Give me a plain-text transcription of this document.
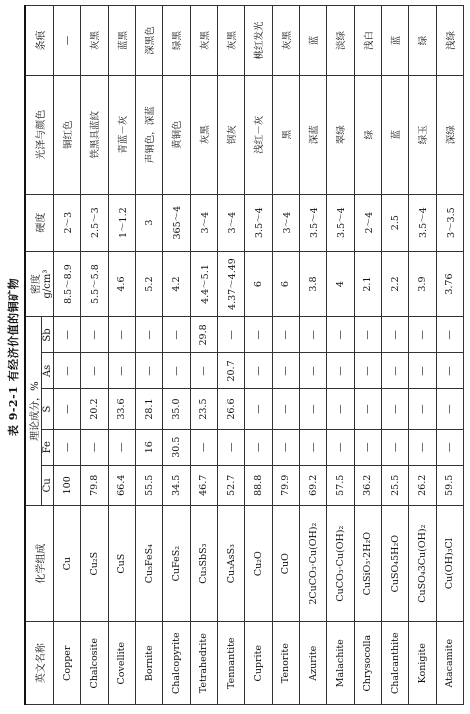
表 9-2-1 有经济价值的铜矿物
英文名称	化学组成	理论成分，%					密度 g/cm³	硬度	光泽与颜色	条痕
		Cu	Fe	S	As	Sb				
Copper	Cu	100	—	—	—	—	8.5～8.9	2～3	铜红色	—
Chalcosite	Cu₂S	79.8	—	20.2	—	—	5.5～5.8	2.5～3	铁黑具蓝紋	灰黑
Covellite	CuS	66.4	—	33.6	—	—	4.6	1～1.2	青蓝－灰	蓝黑
Bornite	Cu₅FeS₄	55.5	16	28.1	—	—	5.2	3	声铜色，深蓝	深黑色
Chalcopyrite	CuFeS₂	34.5	30.5	35.0	—	—	4.2	365～4	黄铜色	绿黑
Tetrahedrite	Cu₃SbS₃	46.7	—	23.5	—	29.8	4.4～5.1	3～4	灰黑	灰黑
Tennantite	Cu₃AsS₃	52.7	—	26.6	20.7	—	4.37～4.49	3～4	钢灰	灰黑
Cuprite	Cu₂O	88.8	—	—	—	—	6	3.5～4	浅红－灰	桃红发光
Tenorite	CuO	79.9	—	—	—	—	6	3～4	黑	灰黑
Azurite	2CuCO₃·Cu(OH)₂	69.2	—	—	—	—	3.8	3.5～4	深蓝	蓝
Malachite	CuCO₃·Cu(OH)₂	57.5	—	—	—	—	4	3.5～4	翠绿	淡绿
Chrysocolla	CuSiO₃·2H₂O	36.2	—	—	—	—	2.1	2～4	绿	浅白
Chalcanthite	CuSO₄5H₂O	25.5	—	—	—	—	2.2	2.5	蓝	蓝
Konigite	CuSO₄3Cu(OH)₂	26.2	—	—	—	—	3.9	3.5～4	绿玉	绿
Atacamite	Cu(OH)₃Cl	59.5	—	—	—	—	3.76	3～3.5	深绿	浅绿
